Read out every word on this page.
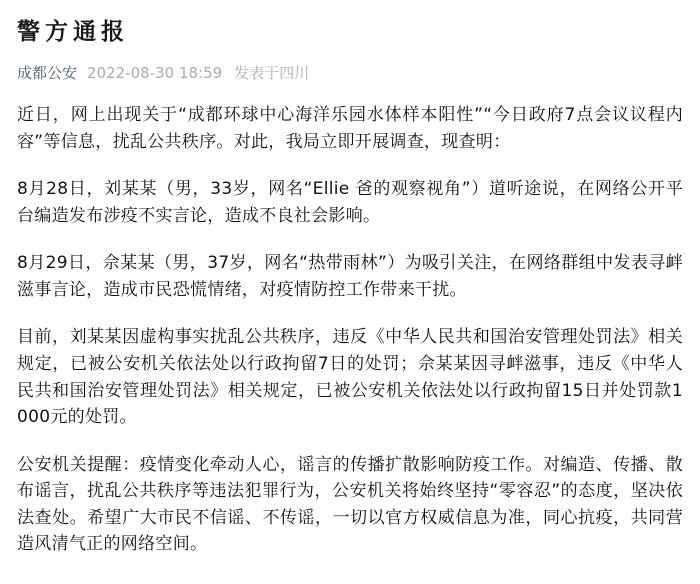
警方通报
成都公安 2022-08-30 18:59 发表于四川

近日，网上出现关于“成都环球中心海洋乐园水体样本阳性”“今日政府7点会议议程内容”等信息，扰乱公共秩序。对此，我局立即开展调查，现查明：

8月28日，刘某某（男，33岁，网名“Ellie 爸的观察视角”）道听途说，在网络公开平台编造发布涉疫不实言论，造成不良社会影响。

8月29日，佘某某（男，37岁，网名“热带雨林”）为吸引关注，在网络群组中发表寻衅滋事言论，造成市民恐慌情绪，对疫情防控工作带来干扰。

目前，刘某某因虚构事实扰乱公共秩序，违反《中华人民共和国治安管理处罚法》相关规定，已被公安机关依法处以行政拘留7日的处罚；佘某某因寻衅滋事，违反《中华人民共和国治安管理处罚法》相关规定，已被公安机关依法处以行政拘留15日并处罚款1000元的处罚。

公安机关提醒：疫情变化牵动人心，谣言的传播扩散影响防疫工作。对编造、传播、散布谣言，扰乱公共秩序等违法犯罪行为，公安机关将始终坚持“零容忍”的态度，坚决依法查处。希望广大市民不信谣、不传谣，一切以官方权威信息为准，同心抗疫，共同营造风清气正的网络空间。
